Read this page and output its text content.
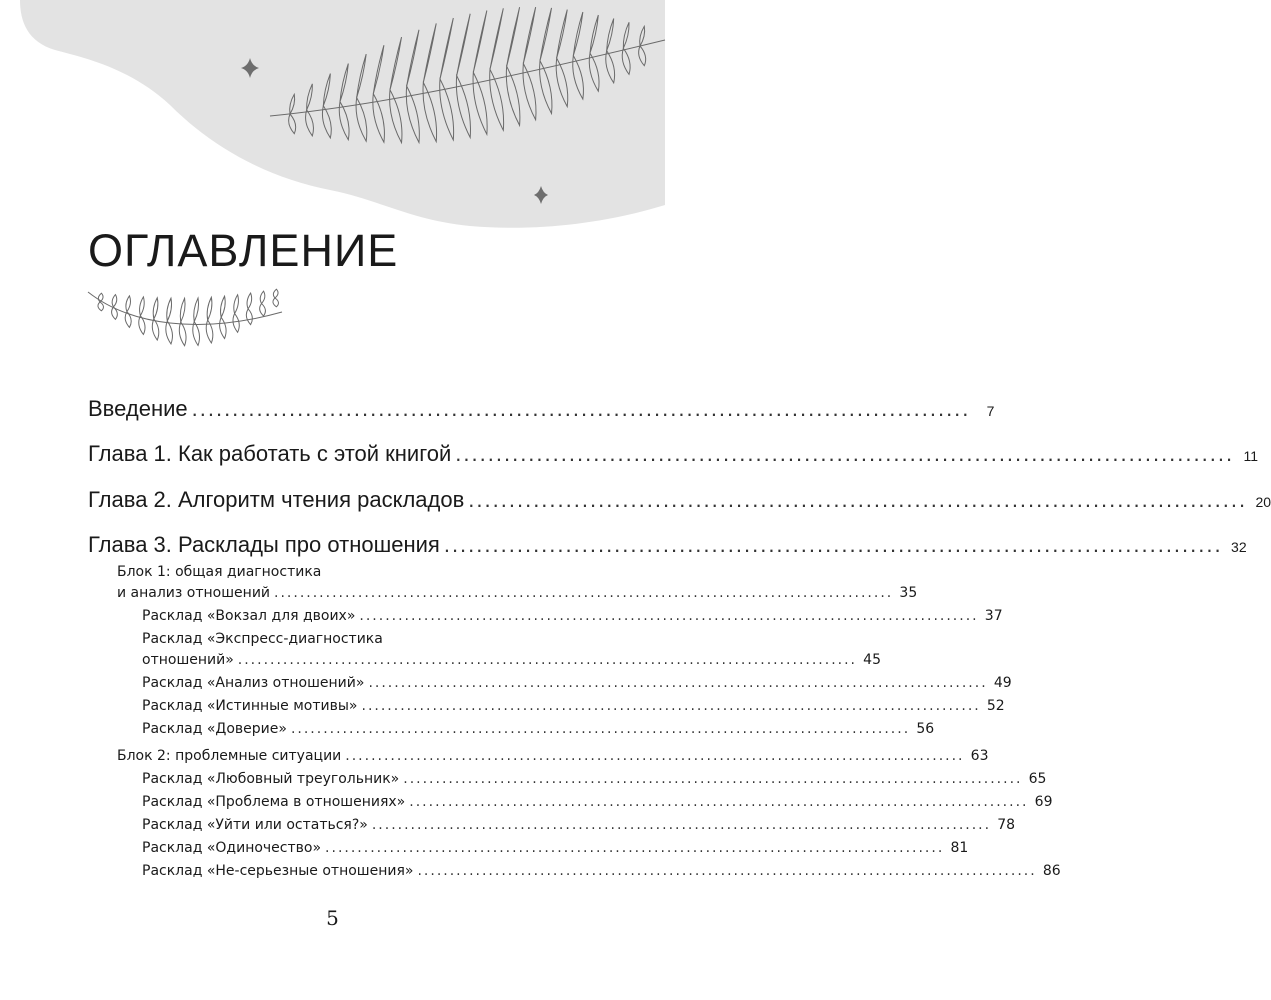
ОГЛАВЛЕНИЕ
Введение ................................................................................................	7
Глава 1. Как работать с этой книгой ................................................................................................ 11
Глава 2. Алгоритм чтения раскладов ................................................................................................ 20
Глава 3. Расклады про отношения ................................................................................................ 32
Блок 1: общая диагностика
и анализ отношений ................................................................................................ 35
Расклад «Вокзал для двоих» ................................................................................................ 37
Расклад «Экспресс-диагностика
отношений» ................................................................................................ 45
Расклад «Анализ отношений» ................................................................................................ 49
Расклад «Истинные мотивы» ................................................................................................ 52
Расклад «Доверие» ................................................................................................ 56
Блок 2: проблемные ситуации ................................................................................................ 63
Расклад «Любовный треугольник» ................................................................................................ 65
Расклад «Проблема в отношениях» ................................................................................................ 69
Расклад «Уйти или остаться?» ................................................................................................ 78
Расклад «Одиночество» ................................................................................................ 81
Расклад «Не-серьезные отношения» ................................................................................................ 86
5
